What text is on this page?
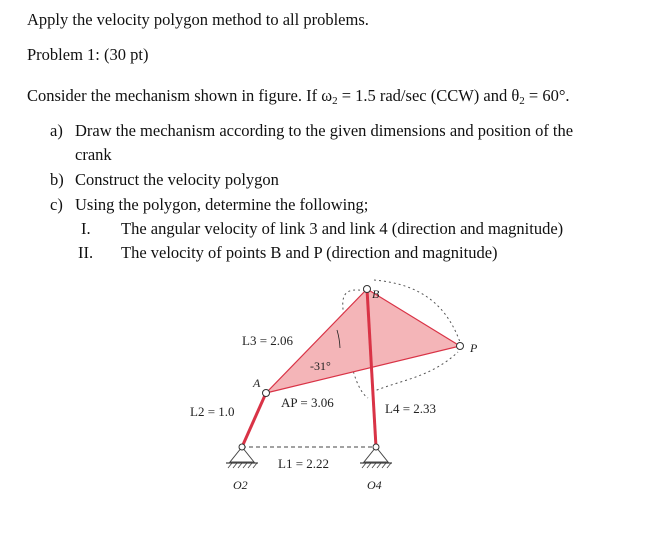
Apply the velocity polygon method to all problems.
Problem 1: (30 pt)
Consider the mechanism shown in figure. If $\omega_2 = 1.5$ rad/sec (CCW) and $\theta_2 = 60^\circ$.
a) Draw the mechanism according to the given dimensions and position of the
crank
b) Construct the velocity polygon
c) Using the polygon, determine the following;
I. The angular velocity of link 3 and link 4 (direction and magnitude)
II. The velocity of points B and P (direction and magnitude)
L3 = 2.06
L2 = 1.0
L1 = 2.22
L4 = 2.33
AP = 3.06
-31°
A
B
P
O2	O4
